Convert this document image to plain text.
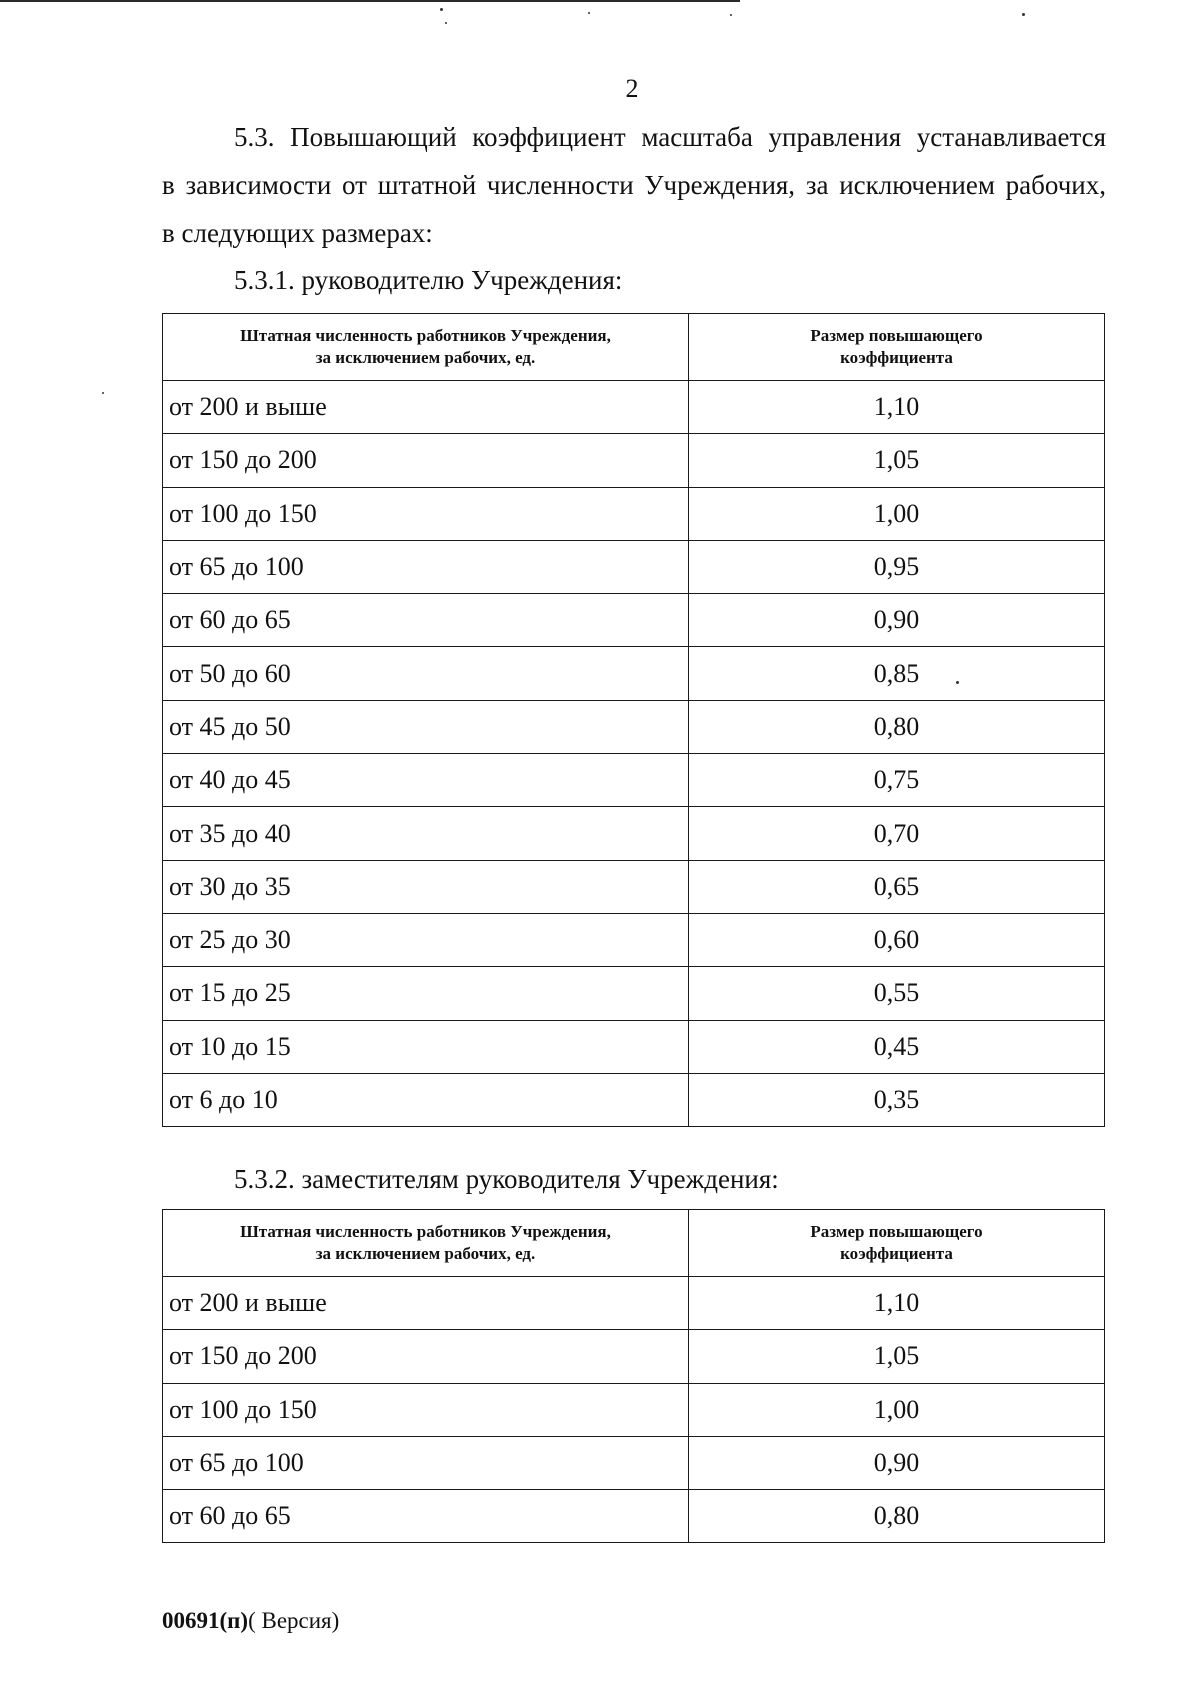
2
5.3. Повышающий коэффициент масштаба управления устанавливается
в зависимости от штатной численности Учреждения, за исключением рабочих,
в следующих размерах:
5.3.1. руководителю Учреждения:
Штатная численность работников Учреждения,
за исключением рабочих, ед.	Размер повышающего
коэффициента

от 200 и выше	1,10
от 150 до 200	1,05
от 100 до 150	1,00
от 65 до 100	0,95
от 60 до 65	0,90
от 50 до 60	0,85
от 45 до 50	0,80
от 40 до 45	0,75
от 35 до 40	0,70
от 30 до 35	0,65
от 25 до 30	0,60
от 15 до 25	0,55
от 10 до 15	0,45
от 6 до 10	0,35
5.3.2. заместителям руководителя Учреждения:
Штатная численность работников Учреждения,
за исключением рабочих, ед.	Размер повышающего
коэффициента

от 200 и выше	1,10
от 150 до 200	1,05
от 100 до 150	1,00
от 65 до 100	0,90
от 60 до 65	0,80
00691(п)( Версия)
